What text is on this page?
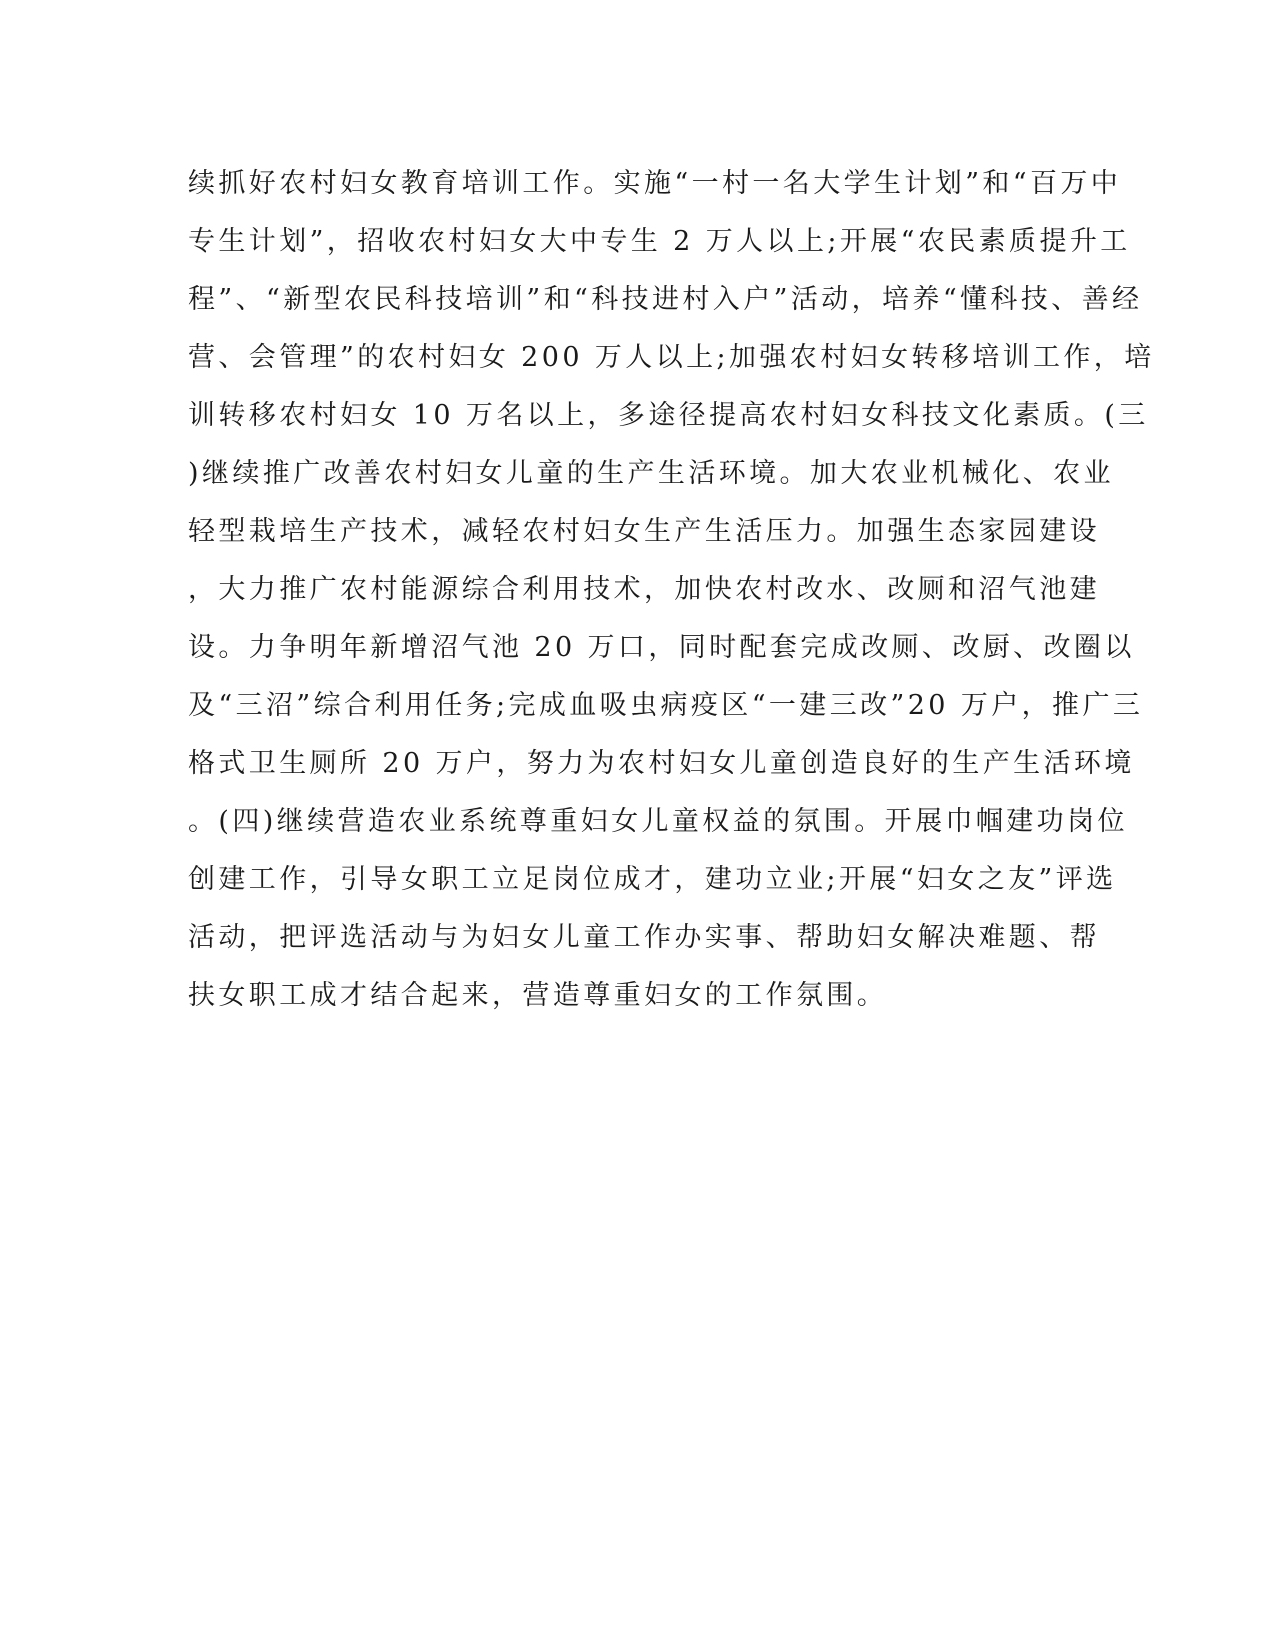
续抓好农村妇女教育培训工作。实施“一村一名大学生计划”和“百万中
专生计划”，招收农村妇女大中专生 2 万人以上;开展“农民素质提升工
程”、“新型农民科技培训”和“科技进村入户”活动，培养“懂科技、善经
营、会管理”的农村妇女 200 万人以上;加强农村妇女转移培训工作，培
训转移农村妇女 10 万名以上，多途径提高农村妇女科技文化素质。(三
)继续推广改善农村妇女儿童的生产生活环境。加大农业机械化、农业
轻型栽培生产技术，减轻农村妇女生产生活压力。加强生态家园建设
，大力推广农村能源综合利用技术，加快农村改水、改厕和沼气池建
设。力争明年新增沼气池 20 万口，同时配套完成改厕、改厨、改圈以
及“三沼”综合利用任务;完成血吸虫病疫区“一建三改”20 万户，推广三
格式卫生厕所 20 万户，努力为农村妇女儿童创造良好的生产生活环境
。(四)继续营造农业系统尊重妇女儿童权益的氛围。开展巾帼建功岗位
创建工作，引导女职工立足岗位成才，建功立业;开展“妇女之友”评选
活动，把评选活动与为妇女儿童工作办实事、帮助妇女解决难题、帮
扶女职工成才结合起来，营造尊重妇女的工作氛围。
